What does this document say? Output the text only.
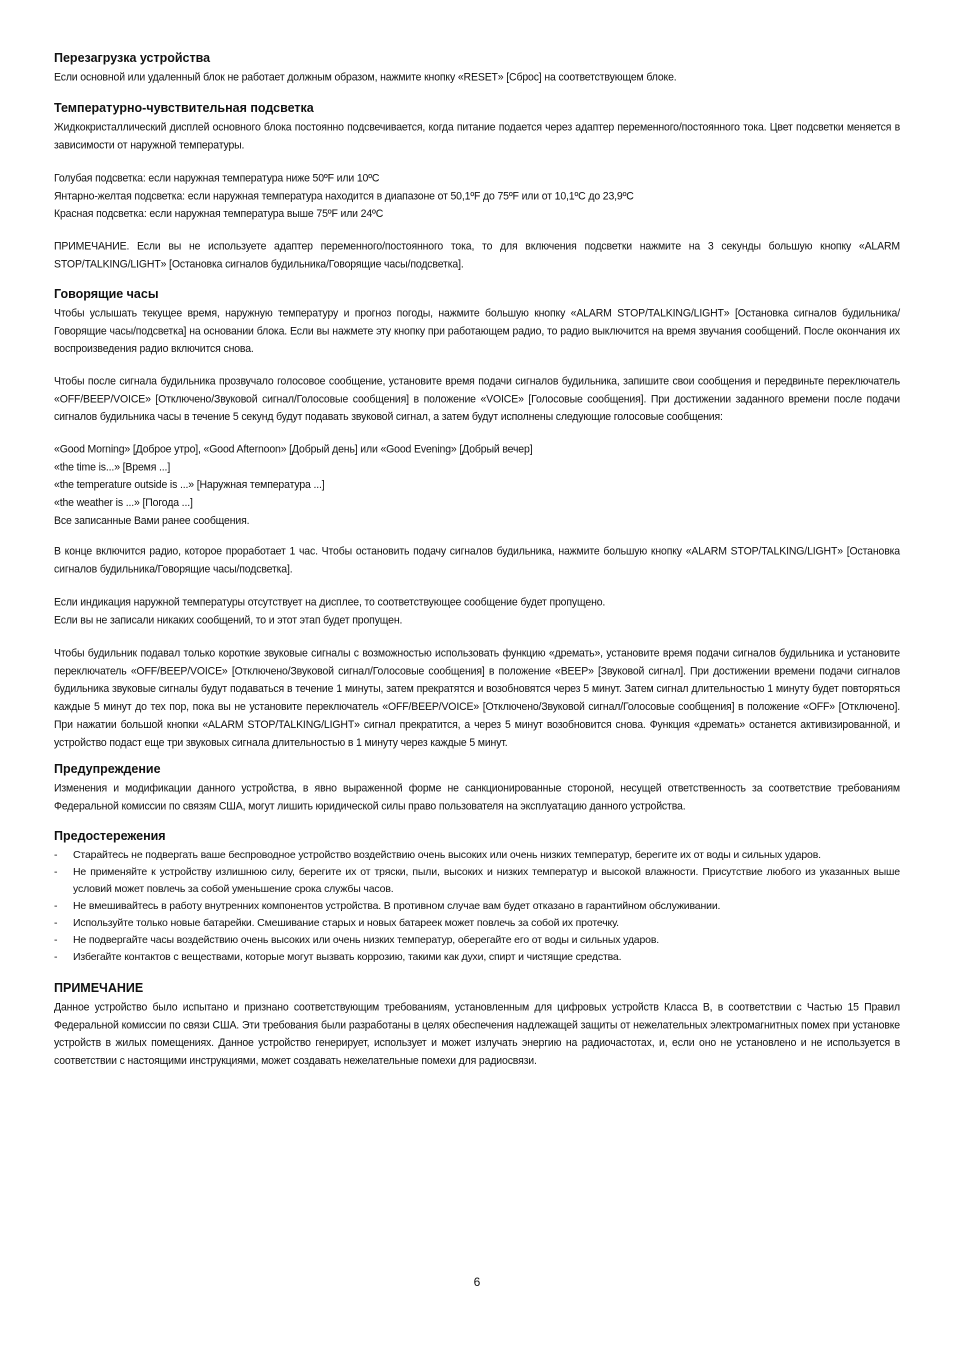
Перезагрузка устройства

Если основной или удаленный блок не работает должным образом, нажмите кнопку «RESET» [Сброс] на соответствующем блоке.

Температурно-чувствительная подсветка

Жидкокристаллический дисплей основного блока постоянно подсвечивается, когда питание подается через адаптер переменного/постоянного тока. Цвет подсветки меняется в зависимости от наружной температуры.

Голубая подсветка: если наружная температура ниже 50ºF или 10ºC
Янтарно-желтая подсветка: если наружная температура находится в диапазоне от 50,1ºF до 75ºF или от 10,1ºC до 23,9ºC
Красная подсветка: если наружная температура выше 75ºF или 24ºC

ПРИМЕЧАНИЕ. Если вы не используете адаптер переменного/постоянного тока, то для включения подсветки нажмите на 3 секунды большую кнопку «ALARM STOP/TALKING/LIGHT» [Остановка сигналов будильника/Говорящие часы/подсветка].

Говорящие часы

Чтобы услышать текущее время, наружную температуру и прогноз погоды, нажмите большую кнопку «ALARM STOP/TALKING/LIGHT» [Остановка сигналов будильника/Говорящие часы/подсветка] на основании блока. Если вы нажмете эту кнопку при работающем радио, то радио выключится на время звучания сообщений. После окончания их воспроизведения радио включится снова.

Чтобы после сигнала будильника прозвучало голосовое сообщение, установите время подачи сигналов будильника, запишите свои сообщения и передвиньте переключатель «OFF/BEEP/VOICE» [Отключено/Звуковой сигнал/Голосовые сообщения] в положение «VOICE» [Голосовые сообщения]. При достижении заданного времени после подачи сигналов будильника часы в течение 5 секунд будут подавать звуковой сигнал, а затем будут исполнены следующие голосовые сообщения:

«Good Morning» [Доброе утро], «Good Afternoon» [Добрый день] или «Good Evening» [Добрый вечер]
«the time is...» [Время ...]
«the temperature outside is ...» [Наружная температура ...]
«the weather is ...» [Погода ...]
Все записанные Вами ранее сообщения.

В конце включится радио, которое проработает 1 час. Чтобы остановить подачу сигналов будильника, нажмите большую кнопку «ALARM STOP/TALKING/LIGHT» [Остановка сигналов будильника/Говорящие часы/подсветка].

Если индикация наружной температуры отсутствует на дисплее, то соответствующее сообщение будет пропущено.
Если вы не записали никаких сообщений, то и этот этап будет пропущен.

Чтобы будильник подавал только короткие звуковые сигналы с возможностью использовать функцию «дремать», установите время подачи сигналов будильника и установите переключатель «OFF/BEEP/VOICE» [Отключено/Звуковой сигнал/Голосовые сообщения] в положение «BEEP» [Звуковой сигнал]. При достижении времени подачи сигналов будильника звуковые сигналы будут подаваться в течение 1 минуты, затем прекратятся и возобновятся через 5 минут. Затем сигнал длительностью 1 минуту будет повторяться каждые 5 минут до тех пор, пока вы не установите переключатель «OFF/BEEP/VOICE» [Отключено/Звуковой сигнал/Голосовые сообщения] в положение «OFF» [Отключено]. При нажатии большой кнопки «ALARM STOP/TALKING/LIGHT» сигнал прекратится, а через 5 минут возобновится снова. Функция «дремать» останется активизированной, и устройство подаст еще три звуковых сигнала длительностью в 1 минуту через каждые 5 минут.

Предупреждение

Изменения и модификации данного устройства, в явно выраженной форме не санкционированные стороной, несущей ответственность за соответствие требованиям Федеральной комиссии по связям США, могут лишить юридической силы право пользователя на эксплуатацию данного устройства.

Предостережения
- Старайтесь не подвергать ваше беспроводное устройство воздействию очень высоких или очень низких температур, берегите их от воды и сильных ударов.
- Не применяйте к устройству излишнюю силу, берегите их от тряски, пыли, высоких и низких температур и высокой влажности. Присутствие любого из указанных выше условий может повлечь за собой уменьшение срока службы часов.
- Не вмешивайтесь в работу внутренних компонентов устройства. В противном случае вам будет отказано в гарантийном обслуживании.
- Используйте только новые батарейки. Смешивание старых и новых батареек может повлечь за собой их протечку.
- Не подвергайте часы воздействию очень высоких или очень низких температур, оберегайте его от воды и сильных ударов.
- Избегайте контактов с веществами, которые могут вызвать коррозию, такими как духи, спирт и чистящие средства.
ПРИМЕЧАНИЕ

Данное устройство было испытано и признано соответствующим требованиям, установленным для цифровых устройств Класса B, в соответствии с Частью 15 Правил Федеральной комиссии по связи США. Эти требования были разработаны в целях обеспечения надлежащей защиты от нежелательных электромагнитных помех при установке устройств в жилых помещениях. Данное устройство генерирует, использует и может излучать энергию на радиочастотах, и, если оно не установлено и не используется в соответствии с настоящими инструкциями, может создавать нежелательные помехи для радиосвязи.

6
